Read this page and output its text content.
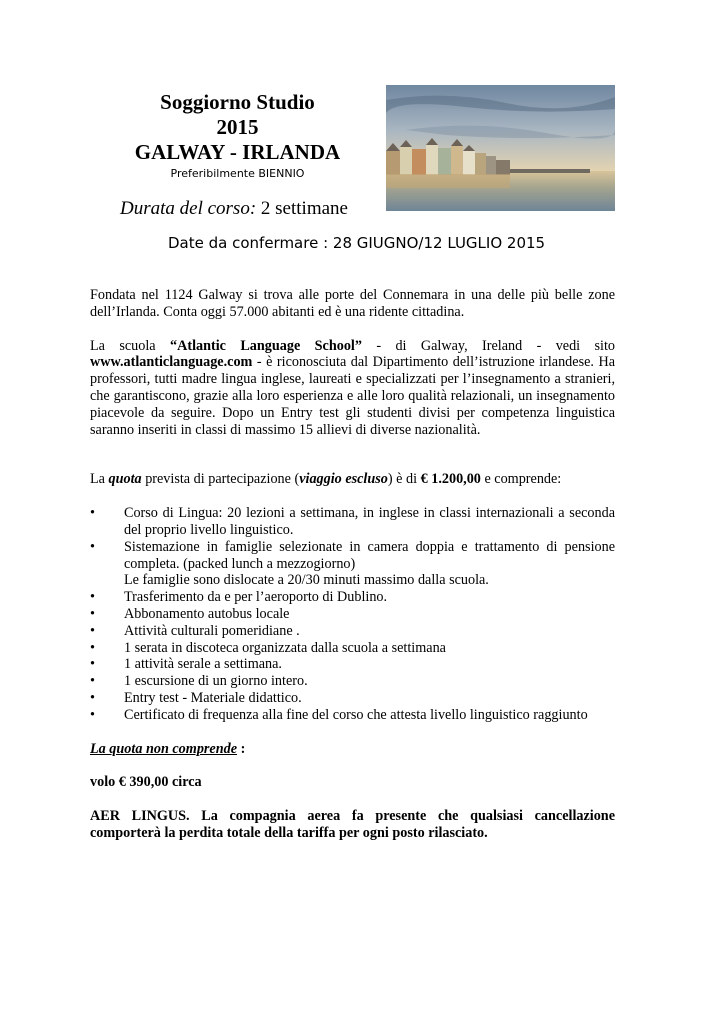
Soggiorno Studio
2015
GALWAY - IRLANDA
Preferibilmente BIENNIO
Durata del corso: 2 settimane
Date da confermare : 28 GIUGNO/12 LUGLIO 2015

Fondata nel 1124 Galway si trova alle porte del Connemara in una delle più belle zone dell’Irlanda. Conta oggi 57.000 abitanti ed è una ridente cittadina.

La scuola “Atlantic Language School” - di Galway, Ireland - vedi sito www.atlanticlanguage.com - è riconosciuta dal Dipartimento dell’istruzione irlandese. Ha professori, tutti madre lingua inglese, laureati e specializzati per l’insegnamento a stranieri, che garantiscono, grazie alla loro esperienza e alle loro qualità relazionali, un insegnamento piacevole da seguire. Dopo un Entry test gli studenti divisi per competenza linguistica saranno inseriti in classi di massimo 15 allievi di diverse nazionalità.

La quota prevista di partecipazione (viaggio escluso) è di € 1.200,00 e comprende:

• Corso di Lingua: 20 lezioni a settimana, in inglese in classi internazionali a seconda del proprio livello linguistico.
• Sistemazione in famiglie selezionate in camera doppia e trattamento di pensione completa. (packed lunch a mezzogiorno)
Le famiglie sono dislocate a 20/30 minuti massimo dalla scuola.
• Trasferimento da e per l’aeroporto di Dublino.
• Abbonamento autobus locale
• Attività culturali pomeridiane .
• 1 serata in discoteca organizzata dalla scuola a settimana
• 1 attività serale a settimana.
• 1 escursione di un giorno intero.
• Entry test - Materiale didattico.
• Certificato di frequenza alla fine del corso che attesta livello linguistico raggiunto

La quota non comprende :

volo € 390,00 circa

AER LINGUS. La compagnia aerea fa presente che qualsiasi cancellazione comporterà la perdita totale della tariffa per ogni posto rilasciato.
